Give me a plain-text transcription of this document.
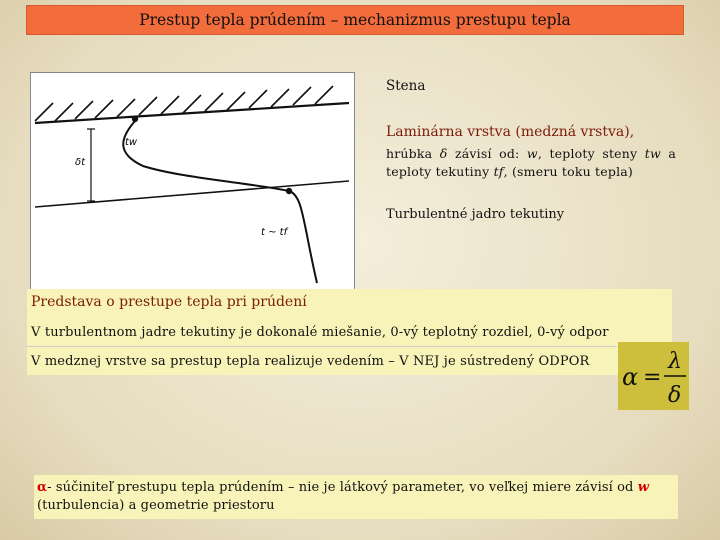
Prestup tepla prúdením – mechanizmus prestupu tepla
tw
δt
t ~ tf
Stena
Laminárna vrstva (medzná vrstva),
hrúbka δ závisí od: w, teploty steny tw a teploty tekutiny tf, (smeru toku tepla)
Turbulentné jadro tekutiny
Predstava o prestupe tepla pri prúdení
V turbulentnom jadre tekutiny je dokonalé miešanie, 0-vý teplotný rozdiel, 0-vý odpor
V medznej vrstve sa prestup tepla realizuje vedením – V NEJ je sústredený ODPOR
α =
λ
δ
α- súčiniteľ prestupu tepla prúdením – nie je látkový parameter, vo veľkej miere závisí od w (turbulencia) a geometrie priestoru
